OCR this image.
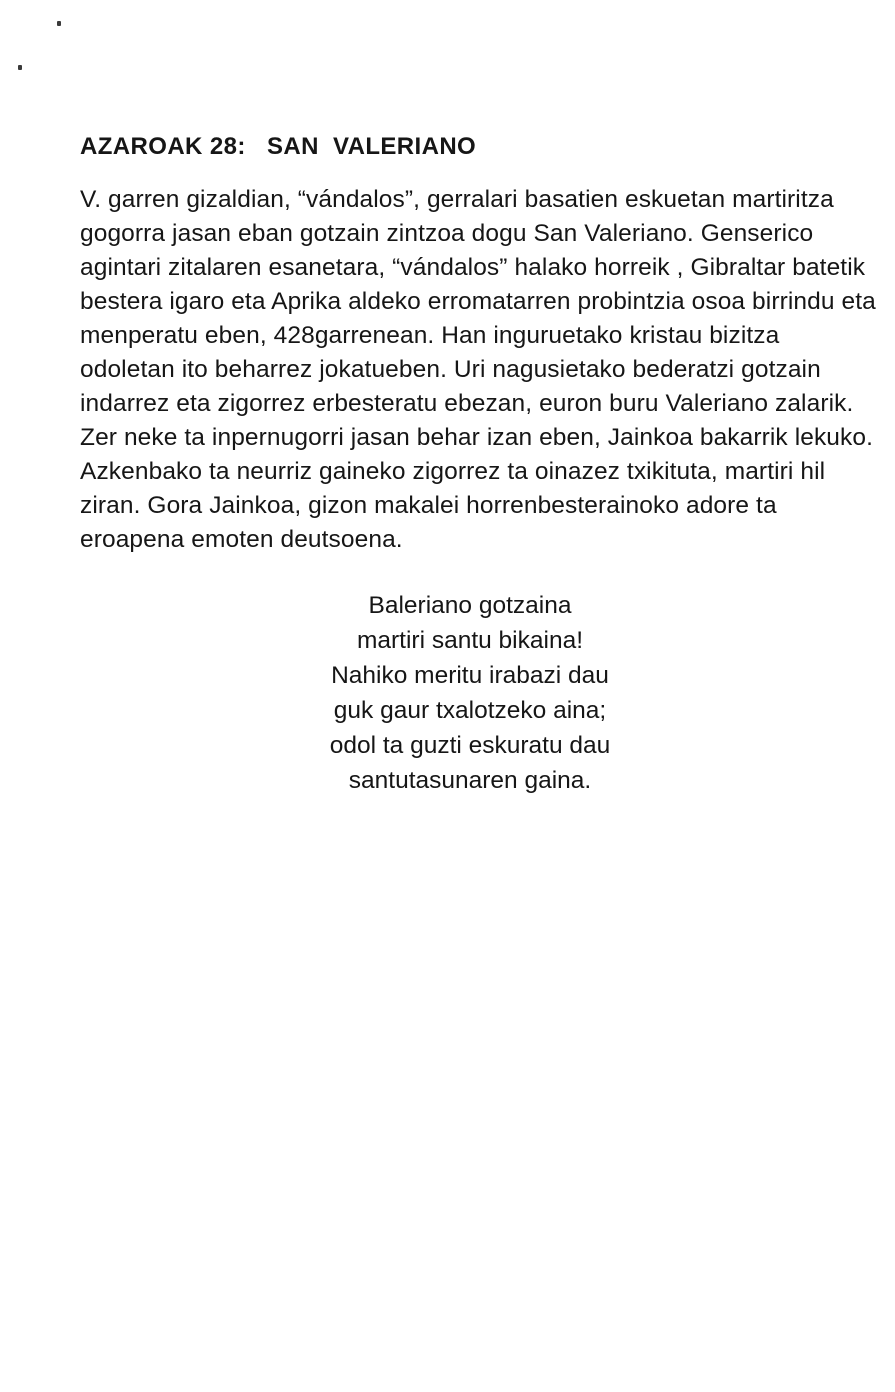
AZAROAK 28:   SAN  VALERIANO
V. garren gizaldian, “vándalos”, gerralari basatien eskuetan martiritza
gogorra jasan eban gotzain zintzoa dogu San Valeriano. Genserico
agintari zitalaren esanetara, “vándalos” halako horreik , Gibraltar batetik
bestera igaro eta Aprika aldeko erromatarren probintzia osoa birrindu eta
menperatu eben, 428garrenean. Han inguruetako kristau bizitza
odoletan ito beharrez jokatueben. Uri nagusietako bederatzi gotzain
indarrez eta zigorrez erbesteratu ebezan, euron buru Valeriano zalarik.
Zer neke ta inpernugorri jasan behar izan eben, Jainkoa bakarrik lekuko.
Azkenbako ta neurriz gaineko zigorrez ta oinazez txikituta, martiri hil
ziran. Gora Jainkoa, gizon makalei horrenbesterainoko adore ta
eroapena emoten deutsoena.
Baleriano gotzaina
martiri santu bikaina!
Nahiko meritu irabazi dau
guk gaur txalotzeko aina;
odol ta guzti eskuratu dau
santutasunaren gaina.
